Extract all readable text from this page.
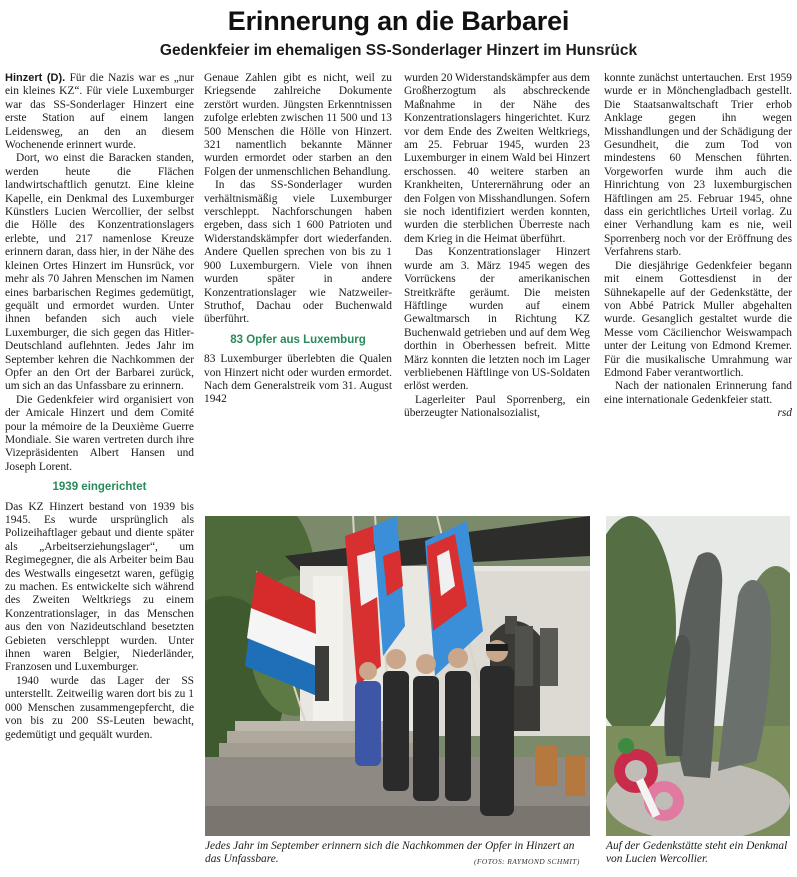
Erinnerung an die Barbarei
Gedenkfeier im ehemaligen SS-Sonderlager Hinzert im Hunsrück

Hinzert (D). Für die Nazis war es „nur ein kleines KZ“. Für viele Luxemburger war das SS-Sonderlager Hinzert eine erste Station auf einem langen Leidensweg, an den an diesem Wochenende erinnert wurde.

Dort, wo einst die Baracken standen, werden heute die Flächen landwirtschaftlich genutzt. Eine kleine Kapelle, ein Denkmal des Luxemburger Künstlers Lucien Wercollier, der selbst die Hölle des Konzentrationslagers erlebte, und 217 namenlose Kreuze erinnern daran, dass hier, in der Nähe des kleinen Ortes Hinzert im Hunsrück, vor mehr als 70 Jahren Menschen im Namen eines barbarischen Regimes gedemütigt, gequält und ermordet wurden. Unter ihnen befanden sich auch viele Luxemburger, die sich gegen das Hitler-Deutschland auflehnten. Jedes Jahr im September kehren die Nachkommen der Opfer an den Ort der Barbarei zurück, um sich an das Unfassbare zu erinnern.

Die Gedenkfeier wird organisiert von der Amicale Hinzert und dem Comité pour la mémoire de la Deuxième Guerre Mondiale. Sie waren vertreten durch ihre Vizepräsidenten Albert Hansen und Joseph Lorent.

1939 eingerichtet

Das KZ Hinzert bestand von 1939 bis 1945. Es wurde ursprünglich als Polizeihaftlager gebaut und diente später als „Arbeitserziehungslager“, um Regimegegner, die als Arbeiter beim Bau des Westwalls eingesetzt waren, gefügig zu machen. Es entwickelte sich während des Zweiten Weltkriegs zu einem Konzentrationslager, in das Menschen aus den von Nazideutschland besetzten Gebieten verschleppt wurden. Unter ihnen waren Belgier, Niederländer, Franzosen und Luxemburger.

1940 wurde das Lager der SS unterstellt. Zeitweilig waren dort bis zu 1 000 Menschen zusammengepfercht, die von bis zu 200 SS-Leuten bewacht, gedemütigt und gequält wurden.

Genaue Zahlen gibt es nicht, weil zu Kriegsende zahlreiche Dokumente zerstört wurden. Jüngsten Erkenntnissen zufolge erlebten zwischen 11 500 und 13 500 Menschen die Hölle von Hinzert. 321 namentlich bekannte Männer wurden ermordet oder starben an den Folgen der unmenschlichen Behandlung.

In das SS-Sonderlager wurden verhältnismäßig viele Luxemburger verschleppt. Nachforschungen haben ergeben, dass sich 1 600 Patrioten und Widerstandskämpfer dort wiederfanden. Andere Quellen sprechen von bis zu 1 900 Luxemburgern. Viele von ihnen wurden später in andere Konzentrationslager wie Natzweiler-Struthof, Dachau oder Buchenwald überführt.

83 Opfer aus Luxemburg

83 Luxemburger überlebten die Qualen von Hinzert nicht oder wurden ermordet. Nach dem Generalstreik vom 31. August 1942

wurden 20 Widerstandskämpfer aus dem Großherzogtum als abschreckende Maßnahme in der Nähe des Konzentrationslagers hingerichtet. Kurz vor dem Ende des Zweiten Weltkriegs, am 25. Februar 1945, wurden 23 Luxemburger in einem Wald bei Hinzert erschossen. 40 weitere starben an Krankheiten, Unterernährung oder an den Folgen von Misshandlungen. Sofern sie noch identifiziert werden konnten, wurden die sterblichen Überreste nach dem Krieg in die Heimat überführt.

Das Konzentrationslager Hinzert wurde am 3. März 1945 wegen des Vorrückens der amerikanischen Streitkräfte geräumt. Die meisten Häftlinge wurden auf einem Gewaltmarsch in Richtung KZ Buchenwald getrieben und auf dem Weg dorthin in Oberhessen befreit. Mitte März konnten die letzten noch im Lager verbliebenen Häftlinge von US-Soldaten erlöst werden.

Lagerleiter Paul Sporrenberg, ein überzeugter Nationalsozialist,

konnte zunächst untertauchen. Erst 1959 wurde er in Mönchengladbach gestellt. Die Staatsanwaltschaft Trier erhob Anklage gegen ihn wegen Misshandlungen und der Schädigung der Gesundheit, die zum Tod von mindestens 60 Menschen führten. Vorgeworfen wurde ihm auch die Hinrichtung von 23 luxemburgischen Häftlingen am 25. Februar 1945, ohne dass ein gerichtliches Urteil vorlag. Zu einer Verhandlung kam es nie, weil Sporrenberg noch vor der Eröffnung des Verfahrens starb.

Die diesjährige Gedenkfeier begann mit einem Gottesdienst in der Sühnekapelle auf der Gedenkstätte, der von Abbé Patrick Muller abgehalten wurde. Gesanglich gestaltet wurde die Messe vom Cäcilienchor Weiswampach unter der Leitung von Edmond Kremer. Für die musikalische Umrahmung war Edmond Faber verantwortlich.

Nach der nationalen Erinnerung fand eine internationale Gedenkfeier statt.
rsd

Jedes Jahr im September erinnern sich die Nachkommen der Opfer in Hinzert an das Unfassbare.	(FOTOS: RAYMOND SCHMIT)
Auf der Gedenkstätte steht ein Denkmal von Lucien Wercollier.
